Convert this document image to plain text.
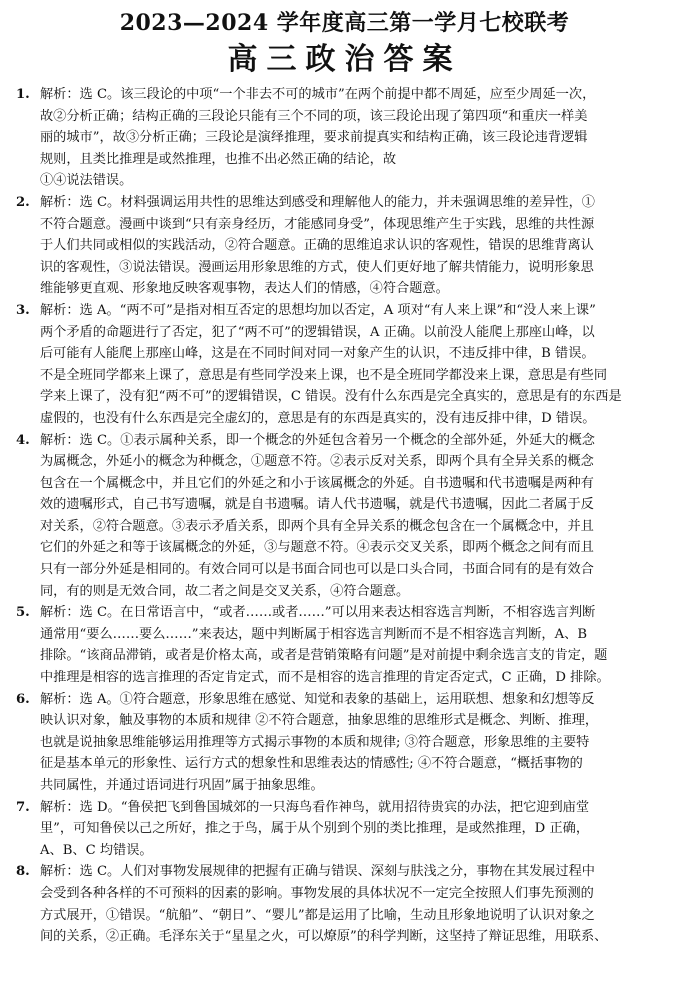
2023—2024 学年度高三第一学月七校联考
高三政治答案
1. 解析：选 C。该三段论的中项“一个非去不可的城市”在两个前提中都不周延，应至少周延一次，

故②分析正确；结构正确的三段论只能有三个不同的项，该三段论出现了第四项“和重庆一样美

丽的城市”，故③分析正确；三段论是演绎推理，要求前提真实和结构正确，该三段论违背逻辑

规则，且类比推理是或然推理，也推不出必然正确的结论，故

①④说法错误。

2. 解析：选 C。材料强调运用共性的思维达到感受和理解他人的能力，并未强调思维的差异性，①

不符合题意。漫画中谈到“只有亲身经历，才能感同身受”，体现思维产生于实践，思维的共性源

于人们共同或相似的实践活动，②符合题意。正确的思维追求认识的客观性，错误的思维背离认

识的客观性，③说法错误。漫画运用形象思维的方式，使人们更好地了解共情能力，说明形象思

维能够更直观、形象地反映客观事物，表达人们的情感，④符合题意。

3. 解析：选 A。“两不可”是指对相互否定的思想均加以否定，A 项对“有人来上课”和“没人来上课”

两个矛盾的命题进行了否定，犯了“两不可”的逻辑错误，A 正确。以前没人能爬上那座山峰，以

后可能有人能爬上那座山峰，这是在不同时间对同一对象产生的认识，不违反排中律，B 错误。

不是全班同学都来上课了，意思是有些同学没来上课，也不是全班同学都没来上课，意思是有些同

学来上课了，没有犯“两不可”的逻辑错误，C 错误。没有什么东西是完全真实的，意思是有的东西是

虚假的，也没有什么东西是完全虚幻的，意思是有的东西是真实的，没有违反排中律，D 错误。

4. 解析：选 C。①表示属种关系，即一个概念的外延包含着另一个概念的全部外延，外延大的概念

为属概念，外延小的概念为种概念，①题意不符。②表示反对关系，即两个具有全异关系的概念

包含在一个属概念中，并且它们的外延之和小于该属概念的外延。自书遗嘱和代书遗嘱是两种有

效的遗嘱形式，自己书写遗嘱，就是自书遗嘱。请人代书遗嘱，就是代书遗嘱，因此二者属于反

对关系，②符合题意。③表示矛盾关系，即两个具有全异关系的概念包含在一个属概念中，并且

它们的外延之和等于该属概念的外延，③与题意不符。④表示交叉关系，即两个概念之间有而且

只有一部分外延是相同的。有效合同可以是书面合同也可以是口头合同，书面合同有的是有效合

同，有的则是无效合同，故二者之间是交叉关系，④符合题意。

5. 解析：选 C。在日常语言中，“或者……或者……”可以用来表达相容选言判断，不相容选言判断

通常用“要么……要么……”来表达，题中判断属于相容选言判断而不是不相容选言判断，A、B

排除。“该商品滞销，或者是价格太高，或者是营销策略有问题”是对前提中剩余选言支的肯定，题

中推理是相容的选言推理的否定肯定式，而不是相容的选言推理的肯定否定式，C 正确，D 排除。

6. 解析：选 A。①符合题意，形象思维在感觉、知觉和表象的基础上，运用联想、想象和幻想等反

映认识对象，触及事物的本质和规律 ②不符合题意，抽象思维的思维形式是概念、判断、推理，

也就是说抽象思维能够运用推理等方式揭示事物的本质和规律; ③符合题意，形象思维的主要特

征是基本单元的形象性、运行方式的想象性和思维表达的情感性; ④不符合题意，“概括事物的

共同属性，并通过语词进行巩固”属于抽象思维。

7. 解析：选 D。“鲁侯把飞到鲁国城郊的一只海鸟看作神鸟，就用招待贵宾的办法，把它迎到庙堂

里”，可知鲁侯以己之所好，推之于鸟，属于从个别到个别的类比推理，是或然推理，D 正确，

A、B、C 均错误。

8. 解析：选 C。人们对事物发展规律的把握有正确与错误、深刻与肤浅之分，事物在其发展过程中

会受到各种各样的不可预料的因素的影响。事物发展的具体状况不一定完全按照人们事先预测的

方式展开，①错误。“航船”、“朝日”、“婴儿”都是运用了比喻，生动且形象地说明了认识对象之

间的关系，②正确。毛泽东关于“星星之火，可以燎原”的科学判断，这坚持了辩证思维，用联系、
